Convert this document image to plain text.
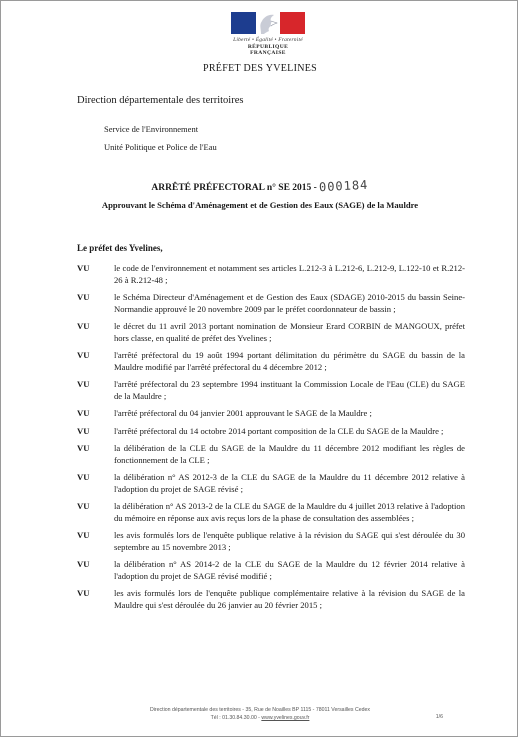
Liberté • Égalité • Fraternité
RÉPUBLIQUE FRANÇAISE
PRÉFET DES YVELINES
Direction départementale des territoires
Service de l'Environnement
Unité Politique et Police de l'Eau
ARRÊTÉ PRÉFECTORAL n° SE 2015 - 000184
Approuvant le Schéma d'Aménagement et de Gestion des Eaux (SAGE) de la Mauldre
Le préfet des Yvelines,
VU	le code de l'environnement et notamment ses articles L.212-3 à L.212-6, L.212-9, L.122-10 et R.212-26 à R.212-48 ;
VU	le Schéma Directeur d'Aménagement et de Gestion des Eaux (SDAGE) 2010-2015 du bassin Seine-Normandie approuvé le 20 novembre 2009 par le préfet coordonnateur de bassin ;
VU	le décret du 11 avril 2013 portant nomination de Monsieur Erard CORBIN de MANGOUX, préfet hors classe, en qualité de préfet des Yvelines ;
VU	l'arrêté préfectoral du 19 août 1994 portant délimitation du périmètre du SAGE du bassin de la Mauldre modifié par l'arrêté préfectoral du 4 décembre 2012 ;
VU	l'arrêté préfectoral du 23 septembre 1994 instituant la Commission Locale de l'Eau (CLE) du SAGE de la Mauldre ;
VU	l'arrêté préfectoral du 04 janvier 2001 approuvant le SAGE de la Mauldre ;
VU	l'arrêté préfectoral du 14 octobre 2014 portant composition de la CLE du SAGE de la Mauldre ;
VU	la délibération de la CLE du SAGE de la Mauldre du 11 décembre 2012 modifiant les règles de fonctionnement de la CLE ;
VU	la délibération n° AS 2012-3 de la CLE du SAGE de la Mauldre du 11 décembre 2012 relative à l'adoption du projet de SAGE révisé ;
VU	la délibération n° AS 2013-2 de la CLE du SAGE de la Mauldre du 4 juillet 2013 relative à l'adoption du mémoire en réponse aux avis reçus lors de la phase de consultation des assemblées ;
VU	les avis formulés lors de l'enquête publique relative à la révision du SAGE qui s'est déroulée du 30 septembre au 15 novembre 2013 ;
VU	la délibération n° AS 2014-2 de la CLE du SAGE de la Mauldre du 12 février 2014 relative à l'adoption du projet de SAGE révisé modifié ;
VU	les avis formulés lors de l'enquête publique complémentaire relative à la révision du SAGE de la Mauldre qui s'est déroulée du 26 janvier au 20 février 2015 ;
Direction départementale des territoires - 35, Rue de Noailles BP 1115 - 78011 Versailles Cedex
Tél : 01.30.84.30.00 - www.yvelines.gouv.fr	1/6
